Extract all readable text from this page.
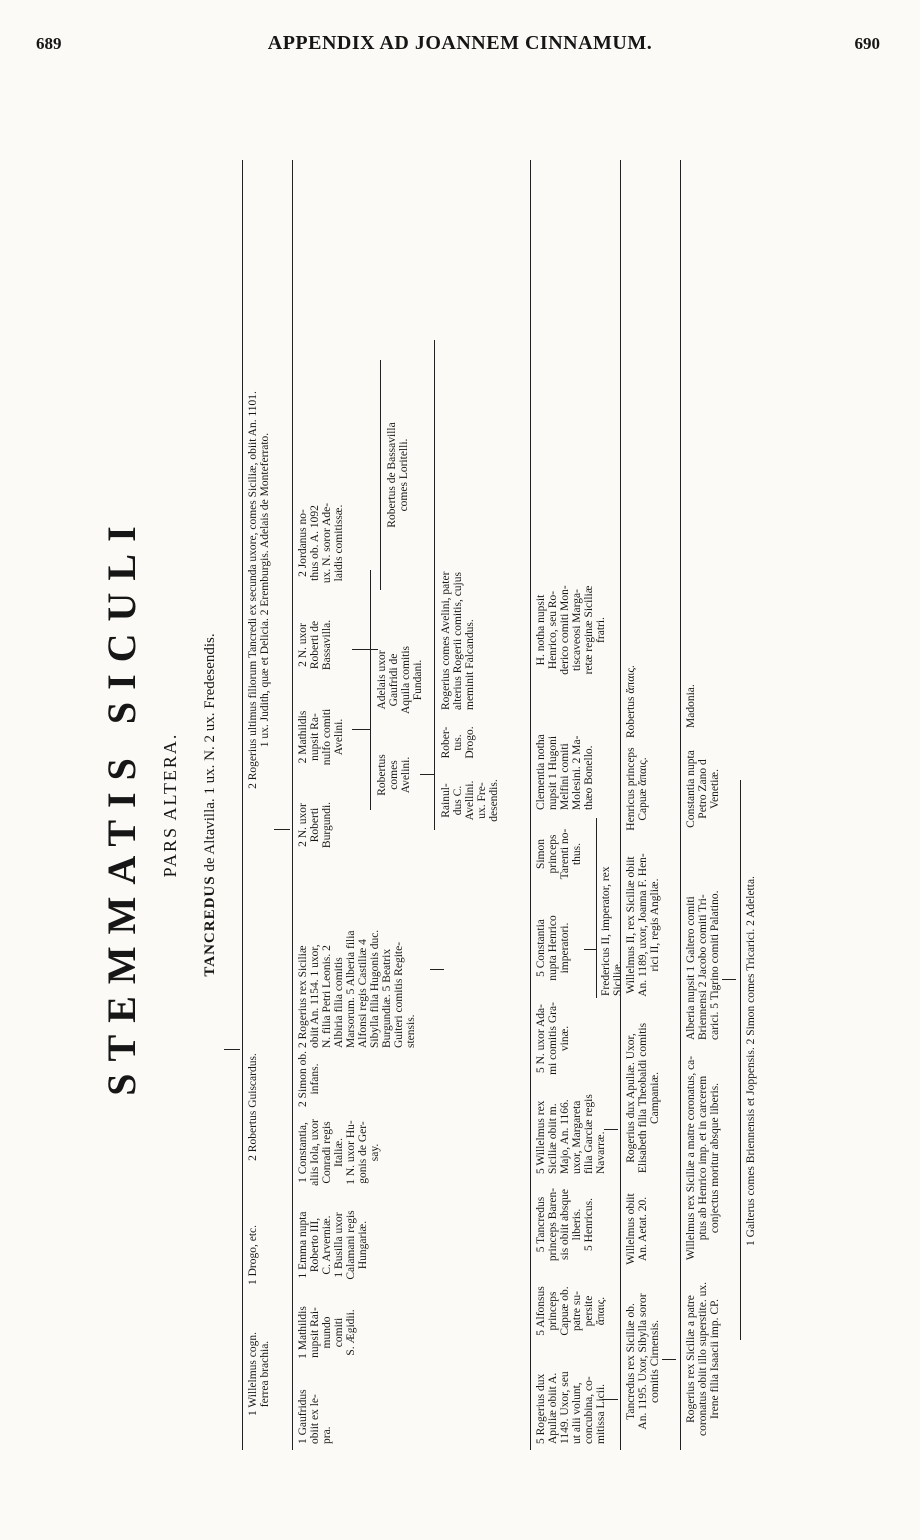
689	APPENDIX AD JOANNEM CINNAMUM.	690
STEMMATIS SICULI PARS ALTERA.
TANCREDUS de Altavilla. 1 ux. N. 2 ux. Fredesendis.
1 Willelmus cogn.
ferrea brachia.
1 Drogo, etc.
2 Robertus Guiscardus.
2 Rogerius ultimus filiorum Tancredi ex secunda uxore, comes Siciliæ, obiit An. 1101.
1 ux. Judith, quæ et Delicia. 2 Eremburgis. Adelais de Monteferrato.
1 Gaufridus
obiit ex le-
pra.
1 Mathildis
nupsit Rai-
mundo
comiti
S. Ægidii.
1 Emma nupta
Roberto III,
C. Arverniæ.
1 Busilla uxor
Calamani regis
Hungariæ.
1 Constantia,
aliis Iola, uxor
Conradi regis
Italiæ.
1 N. uxor Hu-
gonis de Ger-
say.
2 Simon ob.
infans.
2 Rogerius rex Siciliæ
obiit An. 1154. 1 uxor,
N. filia Petri Leonis. 2
Albiria filia comitis
Marsorum. 5 Alberia filia
Alfonsi regis Castiliæ 4
Sibylla filia Hugonis duc.
Burgundiæ. 5 Beatrix
Guiteri comitis Regite-
stensis.
2 N. uxor
Roberti
Burgundi.
2 Mathildis
nupsit Ra-
nulfo comiti
Avelini.
2 N. uxor
Roberti de
Bassavilla.
2 Jordanus no-
thus ob. A. 1092
ux. N. soror Ade-
laidis comitissæ.
Robertus
comes
Avelini.
Adelais uxor
Gaufridi de
Aquila comitis
Fundani.
Robertus de Bassavilla
comes Loritelli.
Rainul-
dus C.
Avellini.
ux. Fre-
desendis.
Rober-
tus.
Drogo.
Rogerius comes Avelini, pater
alterius Rogerii comitis, cujus
meminit Falcandus.
5 Rogerius dux
Apuliæ obiit A.
1149. Uxor, seu
ut alii volunt,
concubina, co-
mitissa Licii.
5 Alfonsus
princeps
Capuæ ob.
patre su-
persite
ἄπαις.
5 Tancredus
princeps Baren-
sis obiit absque
liberis.
5 Henricus.
5 Willelmus rex
Siciliæ obiit m.
Majo, An. 1166.
uxor, Margareta
filia Garciæ regis
Navarræ.
5 N. uxor Ada-
mi comitis Gra-
vinæ.
5 Constantia
nupta Henrico
imperatori.
Simon
princeps
Tarenti no-
thus.
Clementia notha
nupsit 1 Hugoni
Melfini comiti
Molesini. 2 Ma-
thæo Bonello.
H. notha nupsit
Henrico, seu Ro-
derico comiti Mon-
tiscaveosi Marga-
retæ reginæ Siciliæ
fratri.
Fredericus II, imperator, rex
Siciliæ.
Tancredus rex Siciliæ ob.
An. 1195. Uxor, Sibylla soror
comitis Cirnensis.
Willelmus obiit
An. Aetat. 20.
Rogerius dux Apuliæ. Uxor,
Elisabeth filia Theobaldi comitis
Campaniæ.
Willelmus II, rex Siciliæ obiit
An. 1189, uxor, Joanna F. Hen-
rici II, regis Angliæ.
Henricus princeps
Capuæ ἄπαις.
Robertus ἄπαις.
Rogerius rex Siciliæ a patre
coronatus obiit illo superstite. ux.
Irene filia Isaacii imp. CP.
Willelmus rex Siciliæ a matre coronatus, ca-
ptus ab Henrico imp. et in carcerem
conjectus moritur absque liberis.
Alberia nupsit 1 Galtero comiti
Briennensi 2 Jacobo comiti Tri-
carici. 5 Tigrino comiti Palatino.
Constantia nupta
Petro Zano d
Venetiæ.
Madonia.
1 Galterus comes Briennensis et Joppensis. 2 Simon comes Tricarici. 2 Adeletta.
